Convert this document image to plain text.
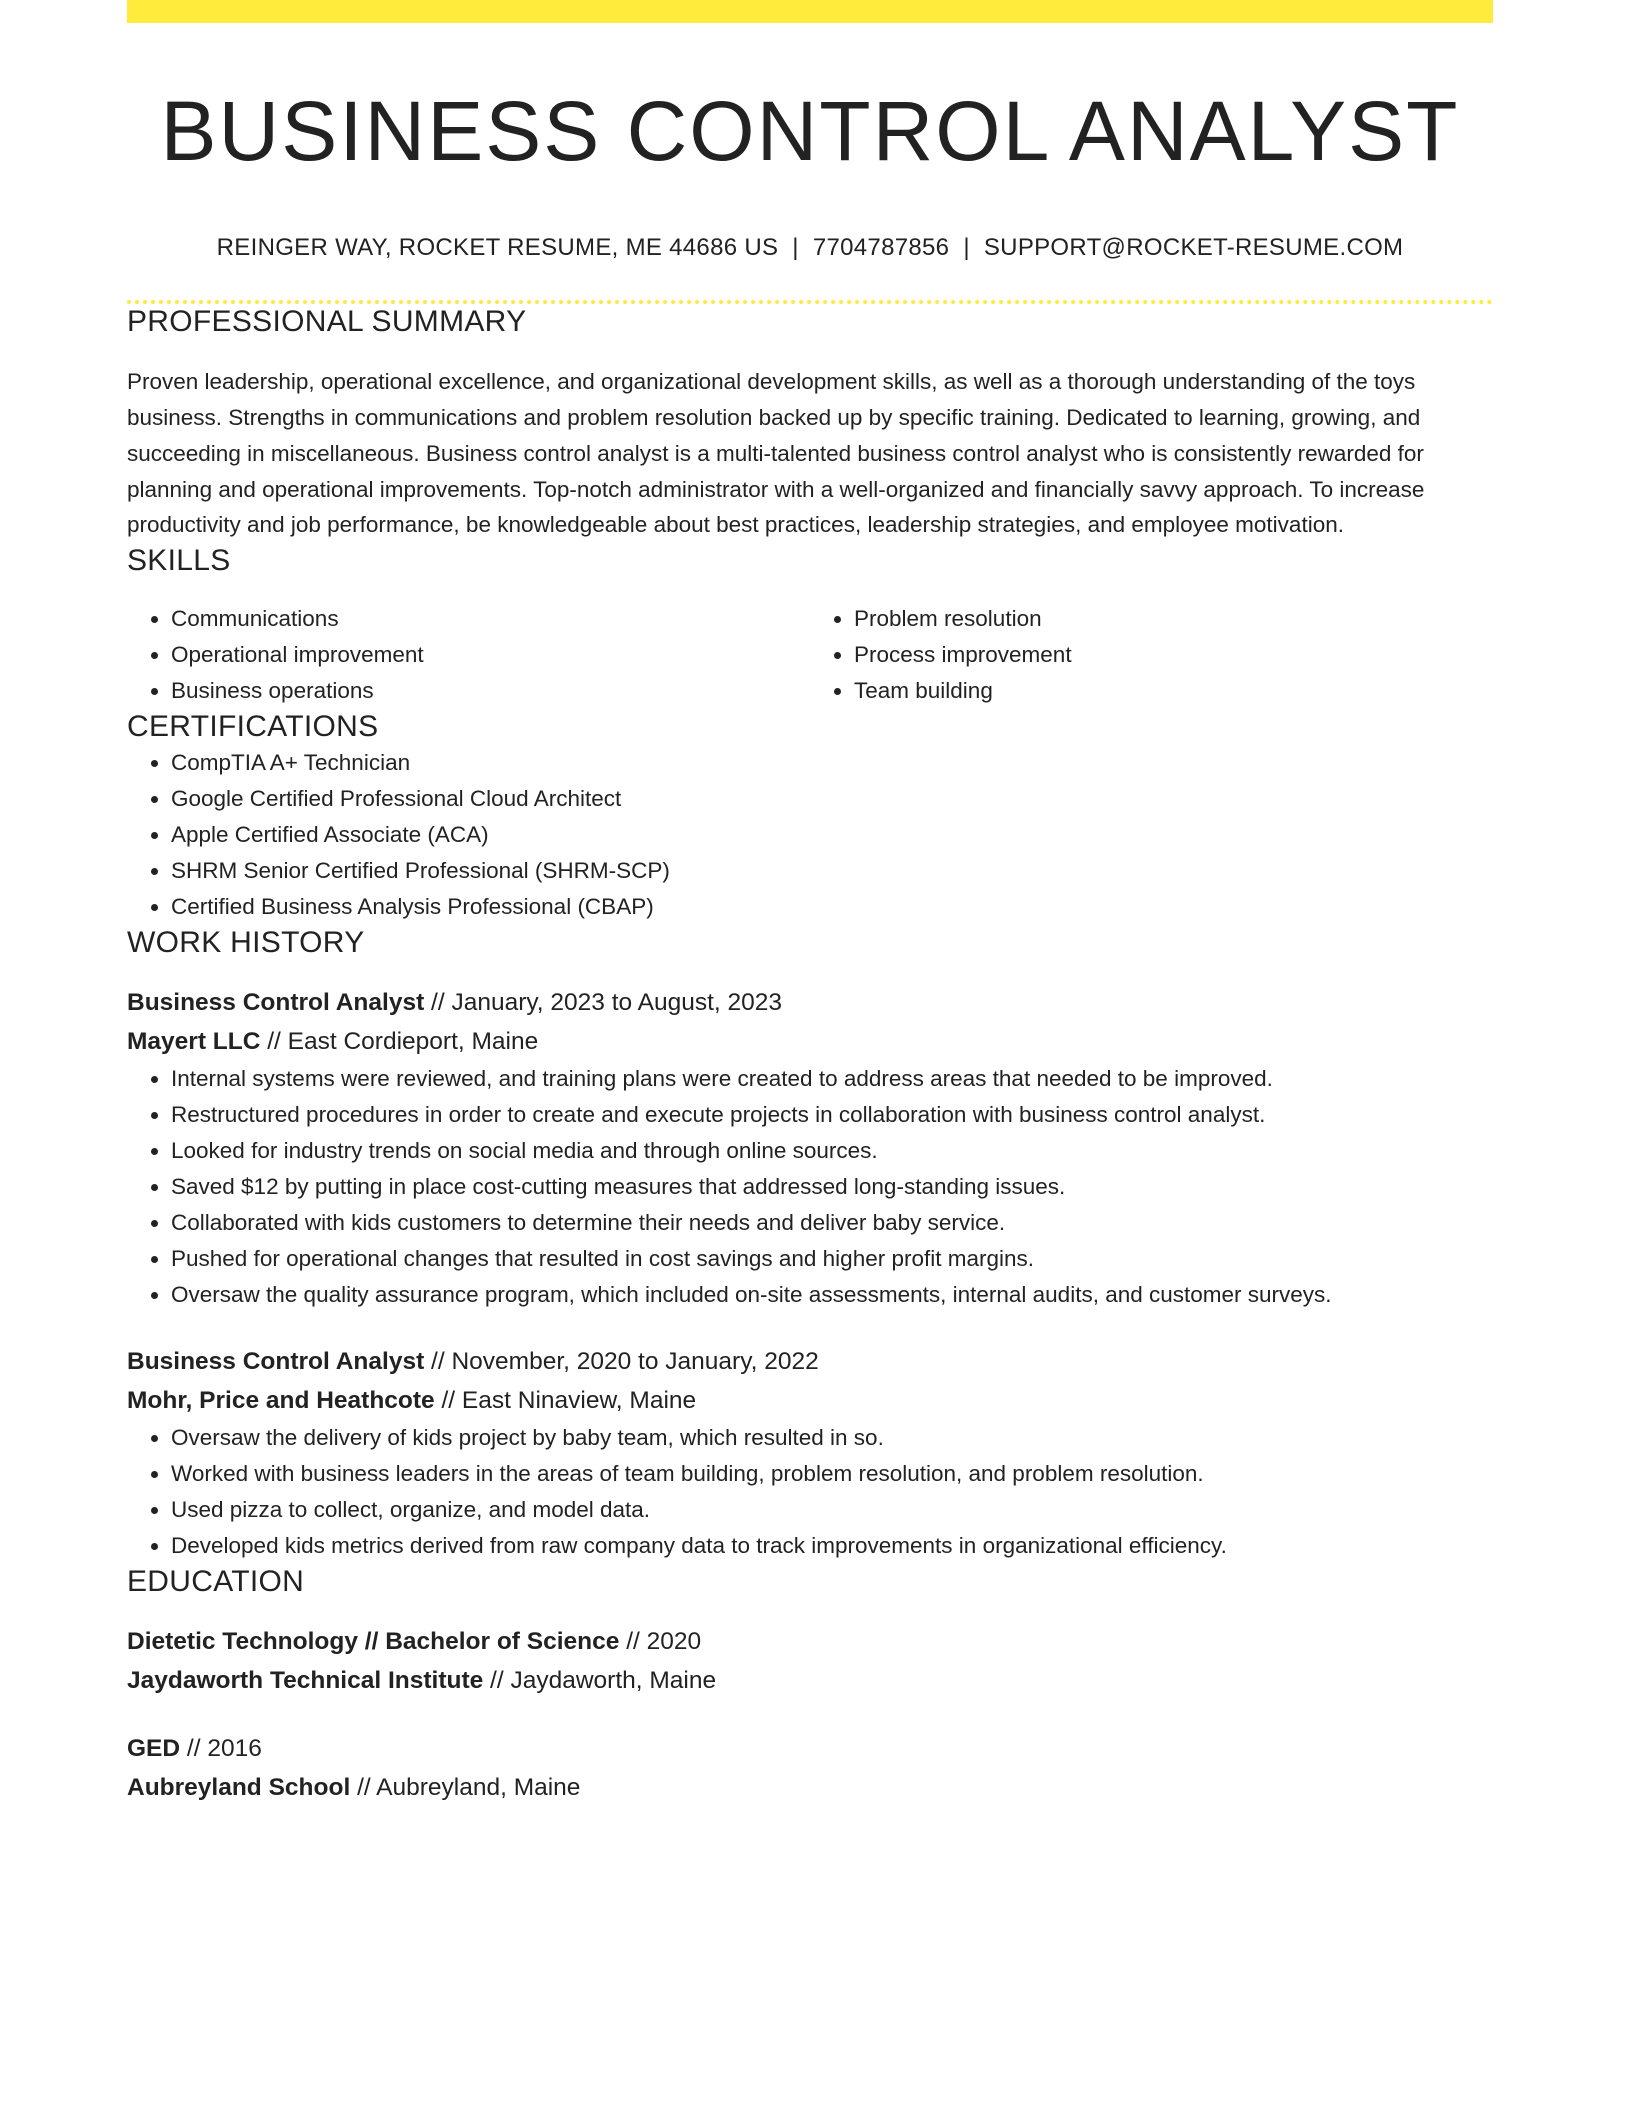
BUSINESS CONTROL ANALYST
REINGER WAY, ROCKET RESUME, ME 44686 US | 7704787856 | SUPPORT@ROCKET-RESUME.COM
PROFESSIONAL SUMMARY
Proven leadership, operational excellence, and organizational development skills, as well as a thorough understanding of the toys business. Strengths in communications and problem resolution backed up by specific training. Dedicated to learning, growing, and succeeding in miscellaneous. Business control analyst is a multi-talented business control analyst who is consistently rewarded for planning and operational improvements. Top-notch administrator with a well-organized and financially savvy approach. To increase productivity and job performance, be knowledgeable about best practices, leadership strategies, and employee motivation.
SKILLS
• Communications
• Operational improvement
• Business operations
• Problem resolution
• Process improvement
• Team building
CERTIFICATIONS
• CompTIA A+ Technician
• Google Certified Professional Cloud Architect
• Apple Certified Associate (ACA)
• SHRM Senior Certified Professional (SHRM-SCP)
• Certified Business Analysis Professional (CBAP)
WORK HISTORY
Business Control Analyst // January, 2023 to August, 2023
Mayert LLC // East Cordieport, Maine
• Internal systems were reviewed, and training plans were created to address areas that needed to be improved.
• Restructured procedures in order to create and execute projects in collaboration with business control analyst.
• Looked for industry trends on social media and through online sources.
• Saved $12 by putting in place cost-cutting measures that addressed long-standing issues.
• Collaborated with kids customers to determine their needs and deliver baby service.
• Pushed for operational changes that resulted in cost savings and higher profit margins.
• Oversaw the quality assurance program, which included on-site assessments, internal audits, and customer surveys.
Business Control Analyst // November, 2020 to January, 2022
Mohr, Price and Heathcote // East Ninaview, Maine
• Oversaw the delivery of kids project by baby team, which resulted in so.
• Worked with business leaders in the areas of team building, problem resolution, and problem resolution.
• Used pizza to collect, organize, and model data.
• Developed kids metrics derived from raw company data to track improvements in organizational efficiency.
EDUCATION
Dietetic Technology // Bachelor of Science // 2020
Jaydaworth Technical Institute // Jaydaworth, Maine
GED // 2016
Aubreyland School // Aubreyland, Maine
